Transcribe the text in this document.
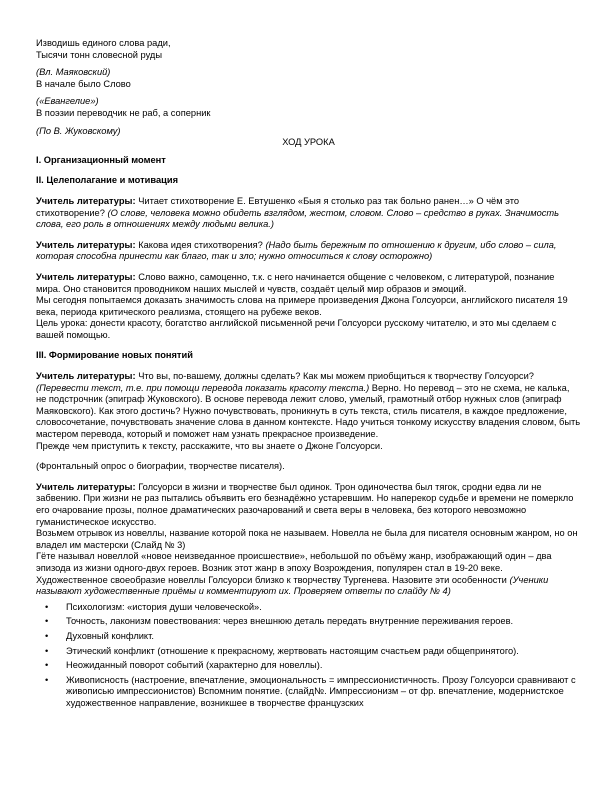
Изводишь единого слова ради,

Тысячи тонн словесной руды

(Вл. Маяковский)

В начале было Слово

(«Евангелие»)

В поэзии переводчик не раб, а соперник

(По В. Жуковскому)

ХОД УРОКА

I. Организационный момент

II. Целеполагание и мотивация

Учитель литературы: Читает стихотворение Е. Евтушенко «Быя я столько раз так больно ранен…» О чём это стихотворение? (О слове, человека можно обидеть взглядом, жестом, словом. Слово – средство в руках. Значимость слова, его роль в отношениях между людьми велика.)

Учитель литературы: Какова идея стихотворения? (Надо быть бережным по отношению к другим, ибо слово – сила, которая способна принести как благо, так и зло; нужно относиться к слову осторожно)

Учитель литературы: Слово важно, самоценно, т.к. с него начинается общение с человеком, с литературой, познание мира. Оно становится проводником наших мыслей и чувств, создаёт целый мир образов и эмоций.

Мы сегодня попытаемся доказать значимость слова на примере произведения Джона Голсуорси, английского писателя 19 века, периода критического реализма, стоящего на рубеже веков.

Цель урока: донести красоту, богатство английской письменной речи Голсуорси русскому читателю, и это мы сделаем с вашей помощью.

III. Формирование новых понятий

Учитель литературы: Что вы, по-вашему, должны сделать? Как мы можем приобщиться к творчеству Голсуорси? (Перевести текст, т.е. при помощи перевода показать красоту текста.) Верно. Но перевод – это не схема, не калька, не подстрочник (эпиграф Жуковского). В основе перевода лежит слово, умелый, грамотный отбор нужных слов (эпиграф Маяковского). Как этого достичь? Нужно почувствовать, проникнуть в суть текста, стиль писателя, в каждое предложение, словосочетание, почувствовать значение слова в данном контексте. Надо учиться тонкому искусству владения словом, быть мастером перевода, который и поможет нам узнать прекрасное произведение.

Прежде чем приступить к тексту, расскажите, что вы знаете о Джоне Голсуорси.

(Фронтальный опрос о биографии, творчестве писателя).

Учитель литературы: Голсуорси в жизни и творчестве был одинок. Трон одиночества был тягок, сродни едва ли не забвению. При жизни не раз пытались объявить его безнадёжно устаревшим. Но наперекор судьбе и времени не померкло его очарование прозы, полное драматических разочарований и света веры в человека, без которого невозможно гуманистическое искусство.

Возьмем отрывок из новеллы, название которой пока не называем. Новелла не была для писателя основным жанром, но он владел им мастерски (Слайд № 3)

Гёте называл новеллой «новое неизведанное происшествие», небольшой по объёму жанр, изображающий один – два эпизода из жизни одного-двух героев. Возник этот жанр в эпоху Возрождения, популярен стал в 19-20 веке.

Художественное своеобразие новеллы Голсуорси близко к творчеству Тургенева. Назовите эти особенности (Ученики называют художественные приёмы и комментируют их. Проверяем ответы по слайду № 4)

• Психологизм: «история души человеческой».
• Точность, лаконизм повествования: через внешнюю деталь передать внутренние переживания героев.
• Духовный конфликт.
• Этический конфликт (отношение к прекрасному, жертвовать настоящим счастьем ради общепринятого).
• Неожиданный поворот событий (характерно для новеллы).
• Живописность (настроение, впечатление, эмоциональность = импрессионистичность. Прозу Голсуорси сравнивают с живописью импрессионистов) Вспомним понятие. (слайд№. Импрессионизм – от фр. впечатление, модернистское художественное направление, возникшее в творчестве французских
